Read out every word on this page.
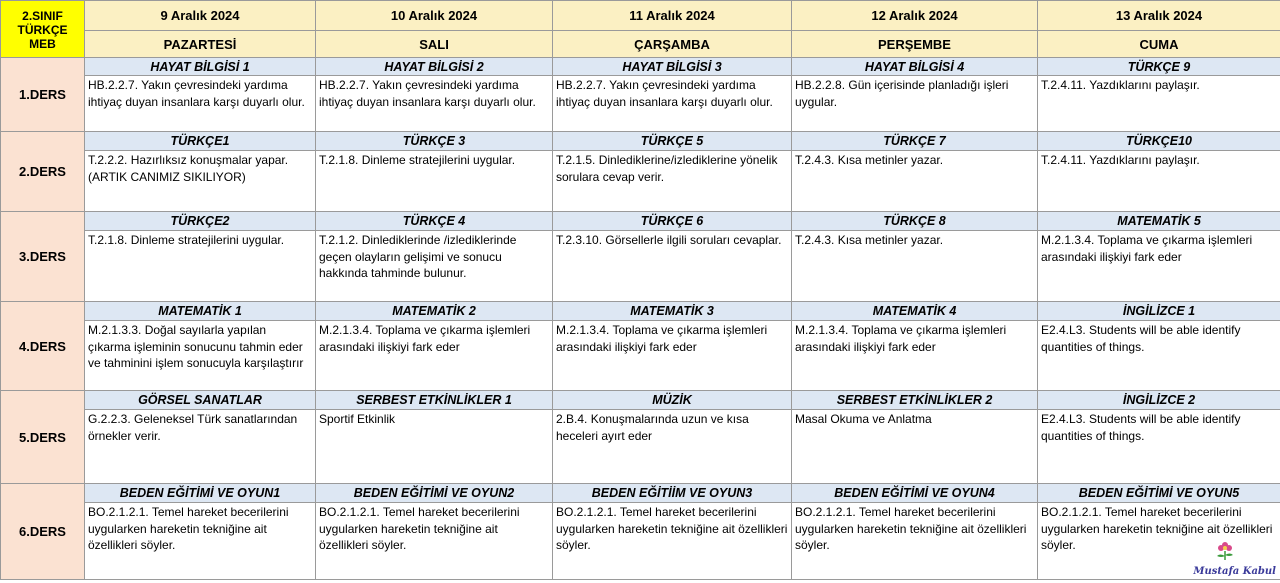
2.SINIF
TÜRKÇE
MEB	9 Aralık 2024	10 Aralık 2024	11 Aralık 2024	12 Aralık 2024	13 Aralık 2024
	PAZARTESİ	SALI	ÇARŞAMBA	PERŞEMBE	CUMA
1.DERS	HAYAT BİLGİSİ 1	HAYAT BİLGİSİ 2	HAYAT BİLGİSİ 3	HAYAT BİLGİSİ 4	TÜRKÇE 9
	HB.2.2.7. Yakın çevresindeki yardıma ihtiyaç duyan insanlara karşı duyarlı olur.	HB.2.2.7. Yakın çevresindeki yardıma ihtiyaç duyan insanlara karşı duyarlı olur.	HB.2.2.7. Yakın çevresindeki yardıma ihtiyaç duyan insanlara karşı duyarlı olur.	HB.2.2.8. Gün içerisinde planladığı işleri uygular.	T.2.4.11. Yazdıklarını paylaşır.
2.DERS	TÜRKÇE1	TÜRKÇE 3	TÜRKÇE 5	TÜRKÇE 7	TÜRKÇE10
	T.2.2.2. Hazırlıksız konuşmalar yapar.(ARTIK CANIMIZ SIKILIYOR)	T.2.1.8. Dinleme stratejilerini uygular.	T.2.1.5. Dinlediklerine/izlediklerine yönelik sorulara cevap verir.	T.2.4.3. Kısa metinler yazar.	T.2.4.11. Yazdıklarını paylaşır.
3.DERS	TÜRKÇE2	TÜRKÇE 4	TÜRKÇE 6	TÜRKÇE 8	MATEMATİK 5
	T.2.1.8. Dinleme stratejilerini uygular.	T.2.1.2. Dinlediklerinde /izlediklerinde geçen olayların gelişimi ve sonucu hakkında tahminde bulunur.	T.2.3.10. Görsellerle ilgili soruları cevaplar.	T.2.4.3. Kısa metinler yazar.	M.2.1.3.4. Toplama ve çıkarma işlemleri arasındaki ilişkiyi fark eder
4.DERS	MATEMATİK 1	MATEMATİK 2	MATEMATİK 3	MATEMATİK 4	İNGİLİZCE 1
	M.2.1.3.3. Doğal sayılarla yapılan çıkarma işleminin sonucunu tahmin eder ve tahminini işlem sonucuyla karşılaştırır	M.2.1.3.4. Toplama ve çıkarma işlemleri arasındaki ilişkiyi fark eder	M.2.1.3.4. Toplama ve çıkarma işlemleri arasındaki ilişkiyi fark eder	M.2.1.3.4. Toplama ve çıkarma işlemleri arasındaki ilişkiyi fark eder	E2.4.L3. Students will be able identify quantities of things.
5.DERS	GÖRSEL SANATLAR	SERBEST ETKİNLİKLER 1	MÜZİK	SERBEST ETKİNLİKLER 2	İNGİLİZCE 2
	G.2.2.3. Geleneksel Türk sanatlarından örnekler verir.	Sportif Etkinlik	2.B.4. Konuşmalarında uzun ve kısa heceleri ayırt eder	Masal Okuma ve Anlatma	E2.4.L3. Students will be able identify quantities of things.
6.DERS	BEDEN EĞİTİMİ VE OYUN1	BEDEN EĞİTİMİ VE OYUN2	BEDEN EĞİTİİM VE OYUN3	BEDEN EĞİTİMİ VE OYUN4	BEDEN EĞİTİMİ VE OYUN5
	BO.2.1.2.1. Temel hareket becerilerini uygularken hareketin tekniğine ait özellikleri söyler.	BO.2.1.2.1. Temel hareket becerilerini uygularken hareketin tekniğine ait özellikleri söyler.	BO.2.1.2.1. Temel hareket becerilerini uygularken hareketin tekniğine ait özellikleri söyler.	BO.2.1.2.1. Temel hareket becerilerini uygularken hareketin tekniğine ait özellikleri söyler.	BO.2.1.2.1. Temel hareket becerilerini uygularken hareketin tekniğine ait özellikleri söyler.
Mustafa Kabul
